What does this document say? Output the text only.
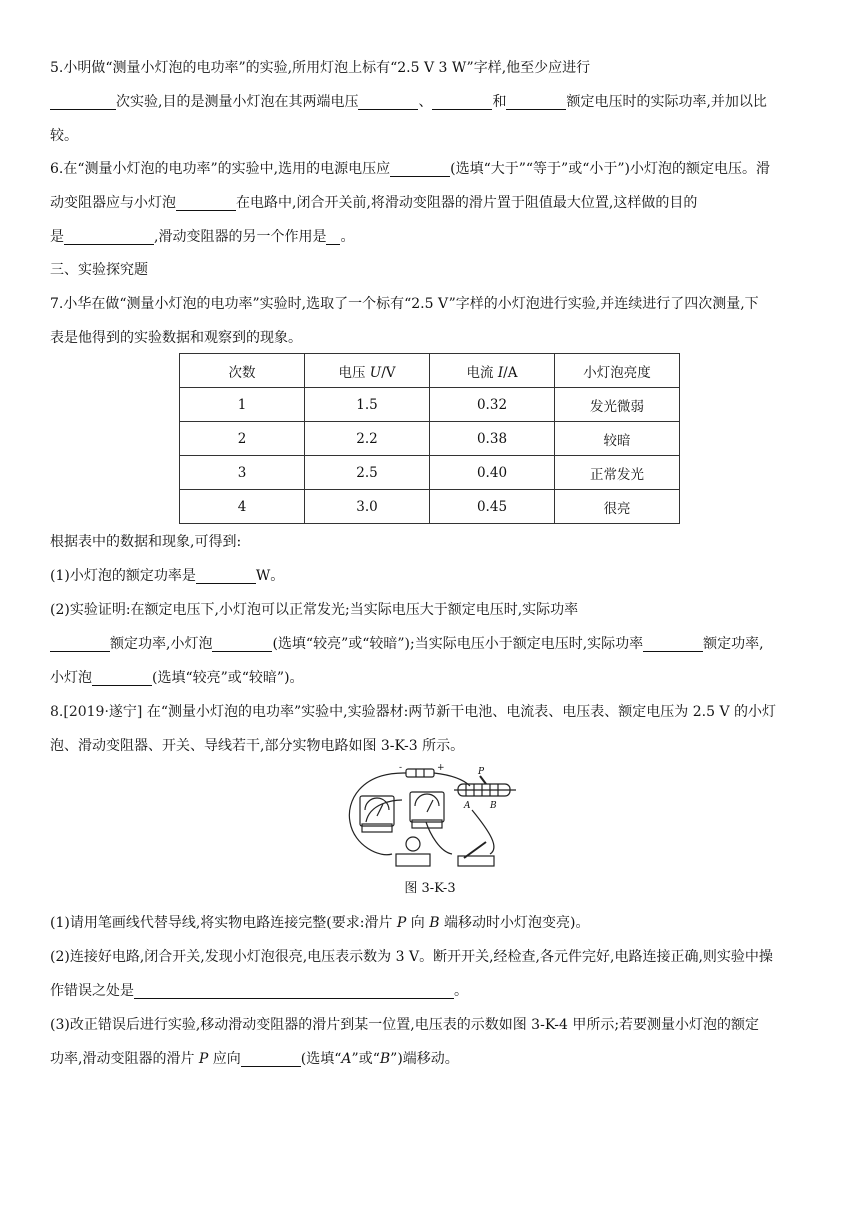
5.小明做“测量小灯泡的电功率”的实验,所用灯泡上标有“2.5 V 3 W”字样,他至少应进行
次实验,目的是测量小灯泡在其两端电压	、	和	额定电压时的实际功率,并加以比
较。
6.在“测量小灯泡的电功率”的实验中,选用的电源电压应	(选填“大于”“等于”或“小于”)小灯泡的额定电压。滑
动变阻器应与小灯泡	在电路中,闭合开关前,将滑动变阻器的滑片置于阻值最大位置,这样做的目的
是	,滑动变阻器的另一个作用是 。
三、实验探究题
7.小华在做“测量小灯泡的电功率”实验时,选取了一个标有“2.5 V”字样的小灯泡进行实验,并连续进行了四次测量,下
表是他得到的实验数据和观察到的现象。
次数	电压 U/V	电流 I/A	小灯泡亮度
1	1.5	0.32	发光微弱
2	2.2	0.38	较暗
3	2.5	0.40	正常发光
4	3.0	0.45	很亮
根据表中的数据和现象,可得到:
(1)小灯泡的额定功率是	W。
(2)实验证明:在额定电压下,小灯泡可以正常发光;当实际电压大于额定电压时,实际功率
额定功率,小灯泡	(选填“较亮”或“较暗”);当实际电压小于额定电压时,实际功率	额定功率,
小灯泡	(选填“较亮”或“较暗”)。
8.[2019·遂宁] 在“测量小灯泡的电功率”实验中,实验器材:两节新干电池、电流表、电压表、额定电压为 2.5 V 的小灯
泡、滑动变阻器、开关、导线若干,部分实物电路如图 3-K-3 所示。
-	+	P
A B
图 3-K-3
(1)请用笔画线代替导线,将实物电路连接完整(要求:滑片 P 向 B 端移动时小灯泡变亮)。
(2)连接好电路,闭合开关,发现小灯泡很亮,电压表示数为 3 V。断开开关,经检查,各元件完好,电路连接正确,则实验中操
作错误之处是	。
(3)改正错误后进行实验,移动滑动变阻器的滑片到某一位置,电压表的示数如图 3-K-4 甲所示;若要测量小灯泡的额定
功率,滑动变阻器的滑片 P 应向	(选填“A”或“B”)端移动。
